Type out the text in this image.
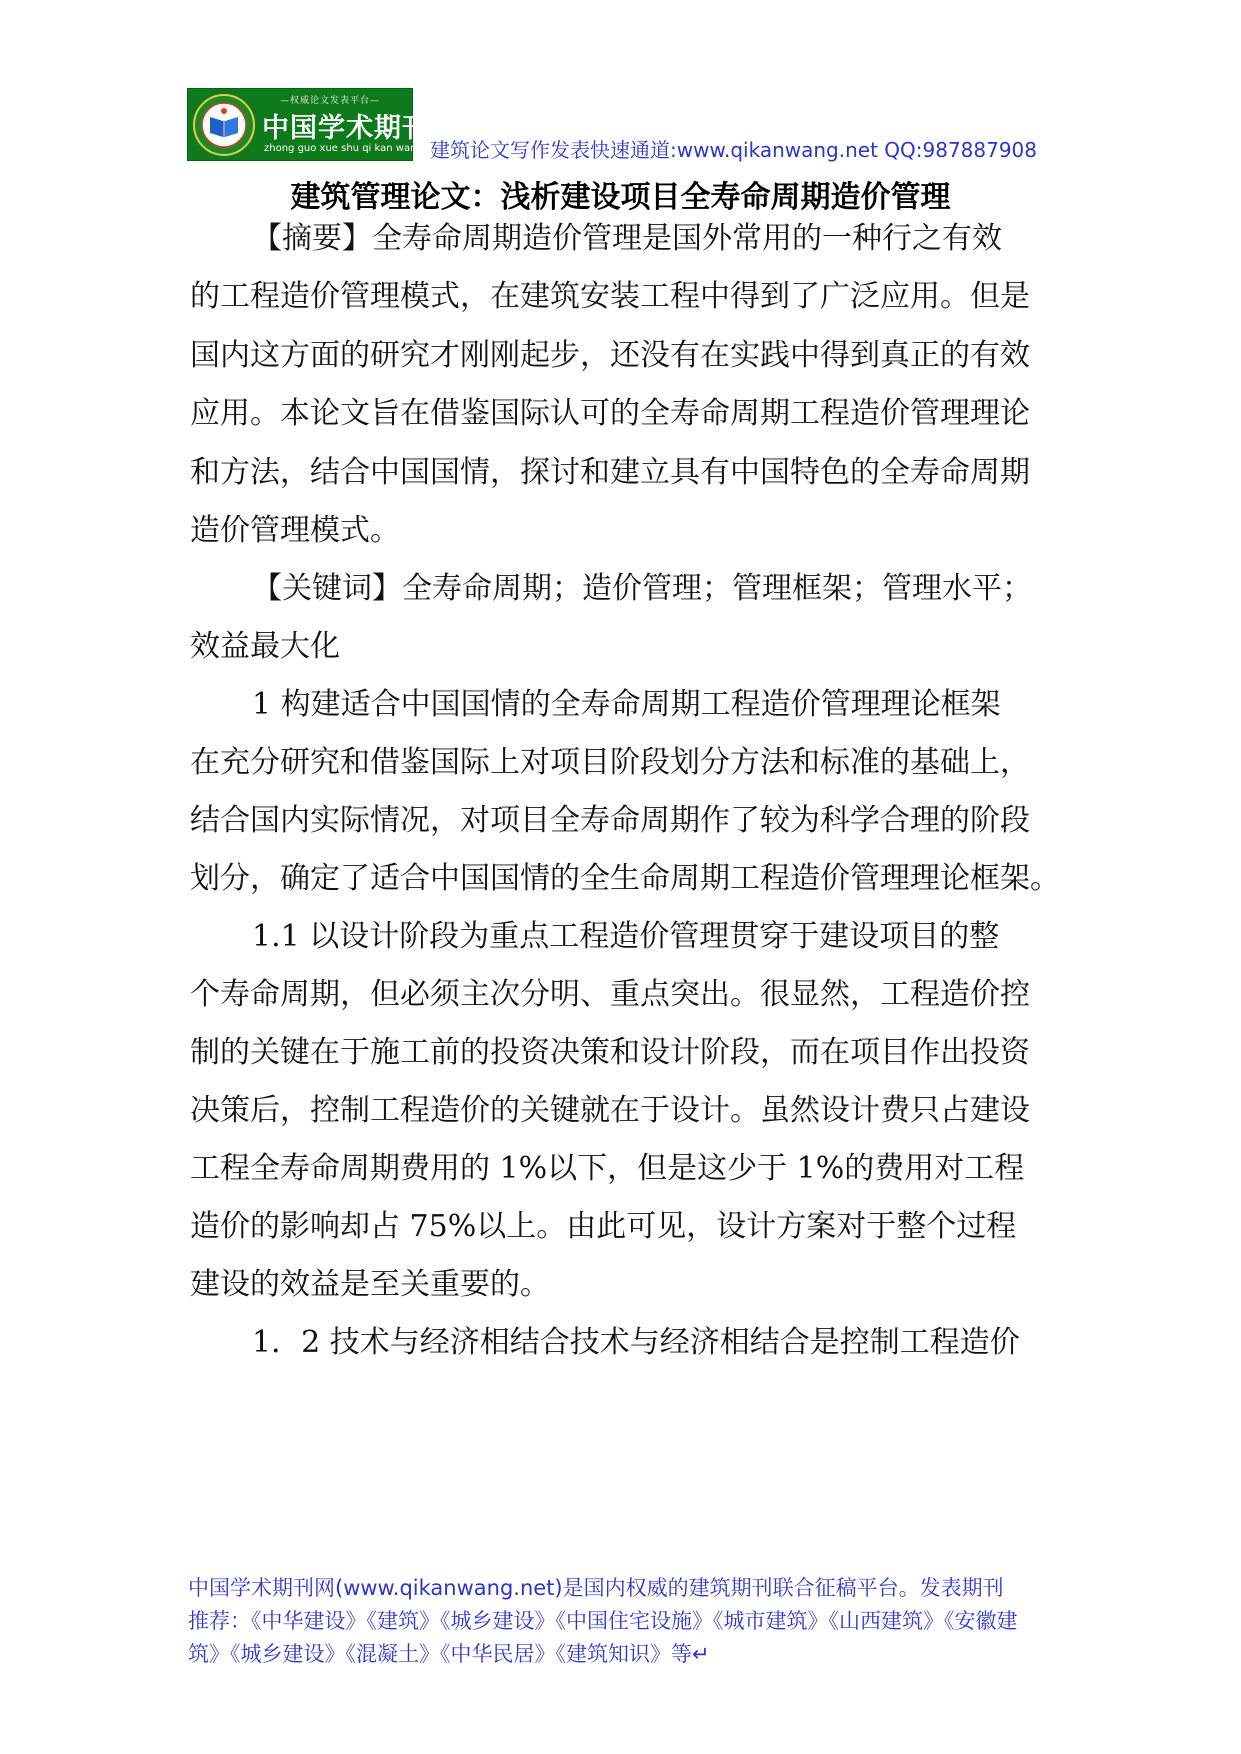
—权威论文发表平台—
中国学术期刊网
zhong guo xue shu qi kan wang 建筑论文写作发表快速通道:www.qikanwang.net QQ:987887908
建筑管理论文：浅析建设项目全寿命周期造价管理

【摘要】全寿命周期造价管理是国外常用的一种行之有效

的工程造价管理模式，在建筑安装工程中得到了广泛应用。但是

国内这方面的研究才刚刚起步，还没有在实践中得到真正的有效

应用。本论文旨在借鉴国际认可的全寿命周期工程造价管理理论

和方法，结合中国国情，探讨和建立具有中国特色的全寿命周期

造价管理模式。

【关键词】全寿命周期；造价管理；管理框架；管理水平；

效益最大化

1 构建适合中国国情的全寿命周期工程造价管理理论框架

在充分研究和借鉴国际上对项目阶段划分方法和标准的基础上，

结合国内实际情况，对项目全寿命周期作了较为科学合理的阶段

划分，确定了适合中国国情的全生命周期工程造价管理理论框架。

1.1 以设计阶段为重点工程造价管理贯穿于建设项目的整

个寿命周期，但必须主次分明、重点突出。很显然，工程造价控

制的关键在于施工前的投资决策和设计阶段，而在项目作出投资

决策后，控制工程造价的关键就在于设计。虽然设计费只占建设

工程全寿命周期费用的 1%以下，但是这少于 1%的费用对工程

造价的影响却占 75%以上。由此可见，设计方案对于整个过程

建设的效益是至关重要的。

1．2 技术与经济相结合技术与经济相结合是控制工程造价

中国学术期刊网(www.qikanwang.net)是国内权威的建筑期刊联合征稿平台。发表期刊
推荐：《中华建设》《建筑》《城乡建设》《中国住宅设施》《城市建筑》《山西建筑》《安徽建
筑》《城乡建设》《混凝土》《中华民居》《建筑知识》等↵
